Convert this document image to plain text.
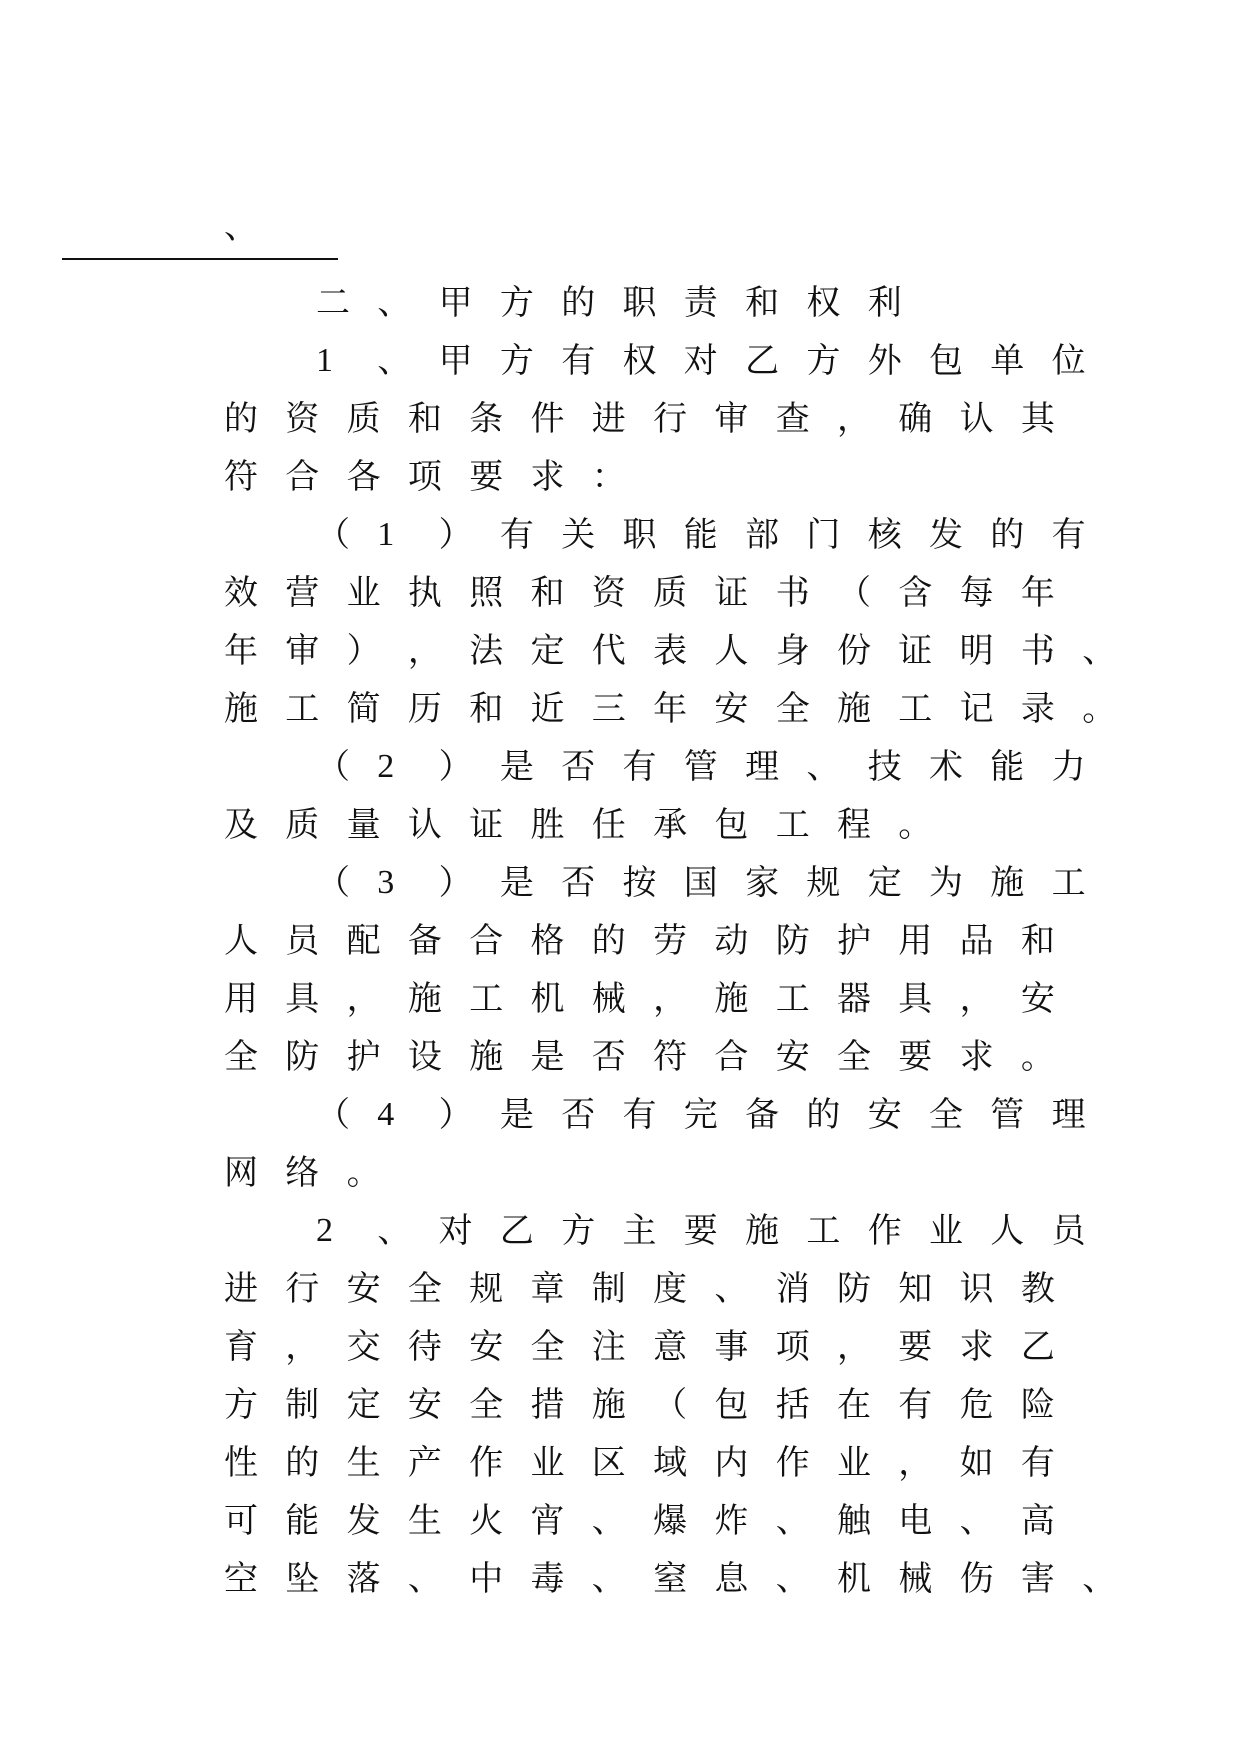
、
二 、 甲 方 的 职 责 和 权 利
1 、 甲 方 有 权 对 乙 方 外 包 单 位
的 资 质 和 条 件 进 行 审 查 ， 确 认 其
符 合 各 项 要 求 ：
（ 1 ） 有 关 职 能 部 门 核 发 的 有
效 营 业 执 照 和 资 质 证 书 （ 含 每 年
年 审 ） ， 法 定 代 表 人 身 份 证 明 书 、
施 工 简 历 和 近 三 年 安 全 施 工 记 录 。
（ 2 ） 是 否 有 管 理 、 技 术 能 力
及 质 量 认 证 胜 任 承 包 工 程 。
（ 3 ） 是 否 按 国 家 规 定 为 施 工
人 员 配 备 合 格 的 劳 动 防 护 用 品 和
用 具 ， 施 工 机 械 ， 施 工 器 具 ， 安
全 防 护 设 施 是 否 符 合 安 全 要 求 。
（ 4 ） 是 否 有 完 备 的 安 全 管 理
网 络 。
2 、 对 乙 方 主 要 施 工 作 业 人 员
进 行 安 全 规 章 制 度 、 消 防 知 识 教
育 ， 交 待 安 全 注 意 事 项 ， 要 求 乙
方 制 定 安 全 措 施 （ 包 括 在 有 危 险
性 的 生 产 作 业 区 域 内 作 业 ， 如 有
可 能 发 生 火 宵 、 爆 炸 、 触 电 、 高
空 坠 落 、 中 毒 、 窒 息 、 机 械 伤 害 、
